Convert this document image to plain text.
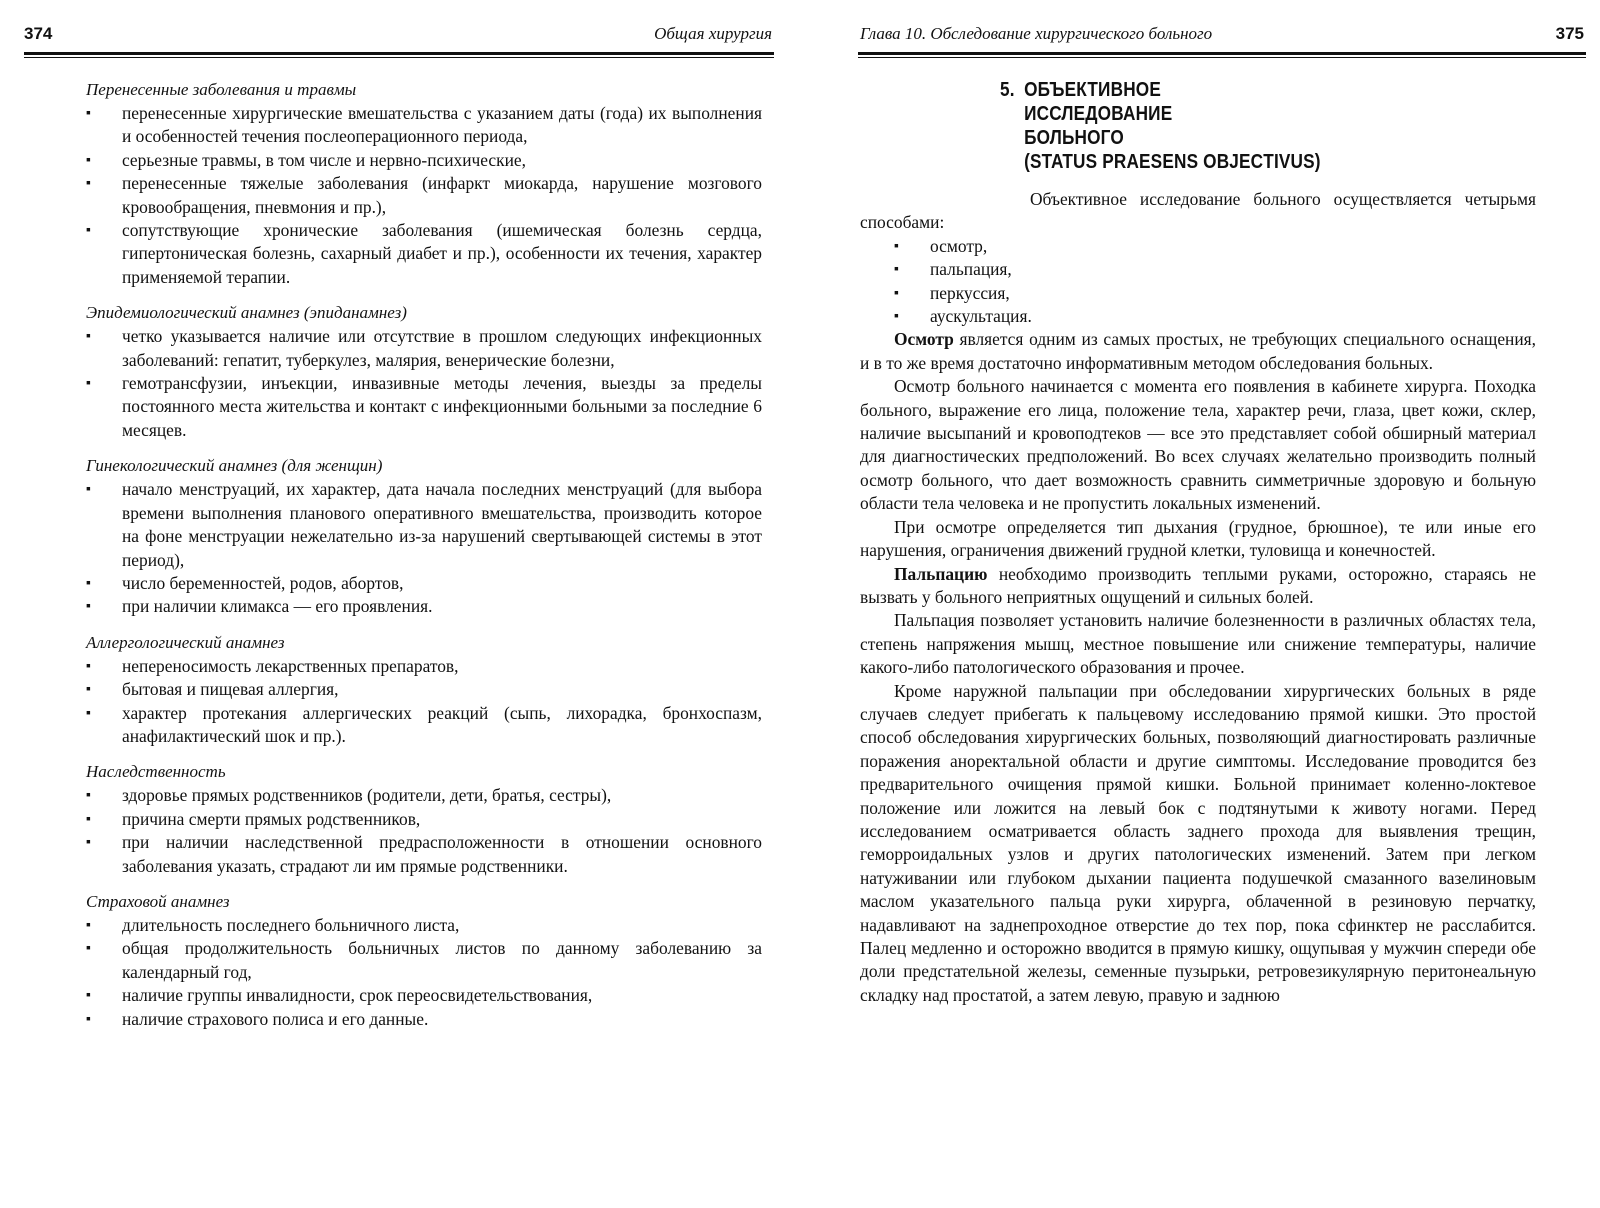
374	Общая хирургия
Перенесенные заболевания и травмы
▪ перенесенные хирургические вмешательства с указанием даты (года) их выполнения и особенностей течения послеоперационного периода,
▪ серьезные травмы, в том числе и нервно-психические,
▪ перенесенные тяжелые заболевания (инфаркт миокарда, нарушение мозгового кровообращения, пневмония и пр.),
▪ сопутствующие хронические заболевания (ишемическая болезнь сердца, гипертоническая болезнь, сахарный диабет и пр.), особенности их течения, характер применяемой терапии.
Эпидемиологический анамнез (эпиданамнез)
▪ четко указывается наличие или отсутствие в прошлом следующих инфекционных заболеваний: гепатит, туберкулез, малярия, венерические болезни,
▪ гемотрансфузии, инъекции, инвазивные методы лечения, выезды за пределы постоянного места жительства и контакт с инфекционными больными за последние 6 месяцев.
Гинекологический анамнез (для женщин)
▪ начало менструаций, их характер, дата начала последних менструаций (для выбора времени выполнения планового оперативного вмешательства, производить которое на фоне менструации нежелательно из-за нарушений свертывающей системы в этот период),
▪ число беременностей, родов, абортов,
▪ при наличии климакса — его проявления.
Аллергологический анамнез
▪ непереносимость лекарственных препаратов,
▪ бытовая и пищевая аллергия,
▪ характер протекания аллергических реакций (сыпь, лихорадка, бронхоспазм, анафилактический шок и пр.).
Наследственность
▪ здоровье прямых родственников (родители, дети, братья, сестры),
▪ причина смерти прямых родственников,
▪ при наличии наследственной предрасположенности в отношении основного заболевания указать, страдают ли им прямые родственники.
Страховой анамнез
▪ длительность последнего больничного листа,
▪ общая продолжительность больничных листов по данному заболеванию за календарный год,
▪ наличие группы инвалидности, срок переосвидетельствования,
▪ наличие страхового полиса и его данные.
Глава 10. Обследование хирургического больного	375
5. ОБЪЕКТИВНОЕ
ИССЛЕДОВАНИЕ
БОЛЬНОГО
(STATUS PRAESENS OBJECTIVUS)

Объективное исследование больного осуществляется четырьмя способами:

▪ осмотр,
▪ пальпация,
▪ перкуссия,
▪ аускультация.

Осмотр является одним из самых простых, не требующих специального оснащения, и в то же время достаточно информативным методом обследования больных.

Осмотр больного начинается с момента его появления в кабинете хирурга. Походка больного, выражение его лица, положение тела, характер речи, глаза, цвет кожи, склер, наличие высыпаний и кровоподтеков — все это представляет собой обширный материал для диагностических предположений. Во всех случаях желательно производить полный осмотр больного, что дает возможность сравнить симметричные здоровую и больную области тела человека и не пропустить локальных изменений.

При осмотре определяется тип дыхания (грудное, брюшное), те или иные его нарушения, ограничения движений грудной клетки, туловища и конечностей.

Пальпацию необходимо производить теплыми руками, осторожно, стараясь не вызвать у больного неприятных ощущений и сильных болей.

Пальпация позволяет установить наличие болезненности в различных областях тела, степень напряжения мышц, местное повышение или снижение температуры, наличие какого-либо патологического образования и прочее.

Кроме наружной пальпации при обследовании хирургических больных в ряде случаев следует прибегать к пальцевому исследованию прямой кишки. Это простой способ обследования хирургических больных, позволяющий диагностировать различные поражения аноректальной области и другие симптомы. Исследование проводится без предварительного очищения прямой кишки. Больной принимает коленно-локтевое положение или ложится на левый бок с подтянутыми к животу ногами. Перед исследованием осматривается область заднего прохода для выявления трещин, геморроидальных узлов и других патологических изменений. Затем при легком натуживании или глубоком дыхании пациента подушечкой смазанного вазелиновым маслом указательного пальца руки хирурга, облаченной в резиновую перчатку, надавливают на заднепроходное отверстие до тех пор, пока сфинктер не расслабится. Палец медленно и осторожно вводится в прямую кишку, ощупывая у мужчин спереди обе доли предстательной железы, семенные пузырьки, ретровезикулярную перитонеальную складку над простатой, а затем левую, правую и заднюю
